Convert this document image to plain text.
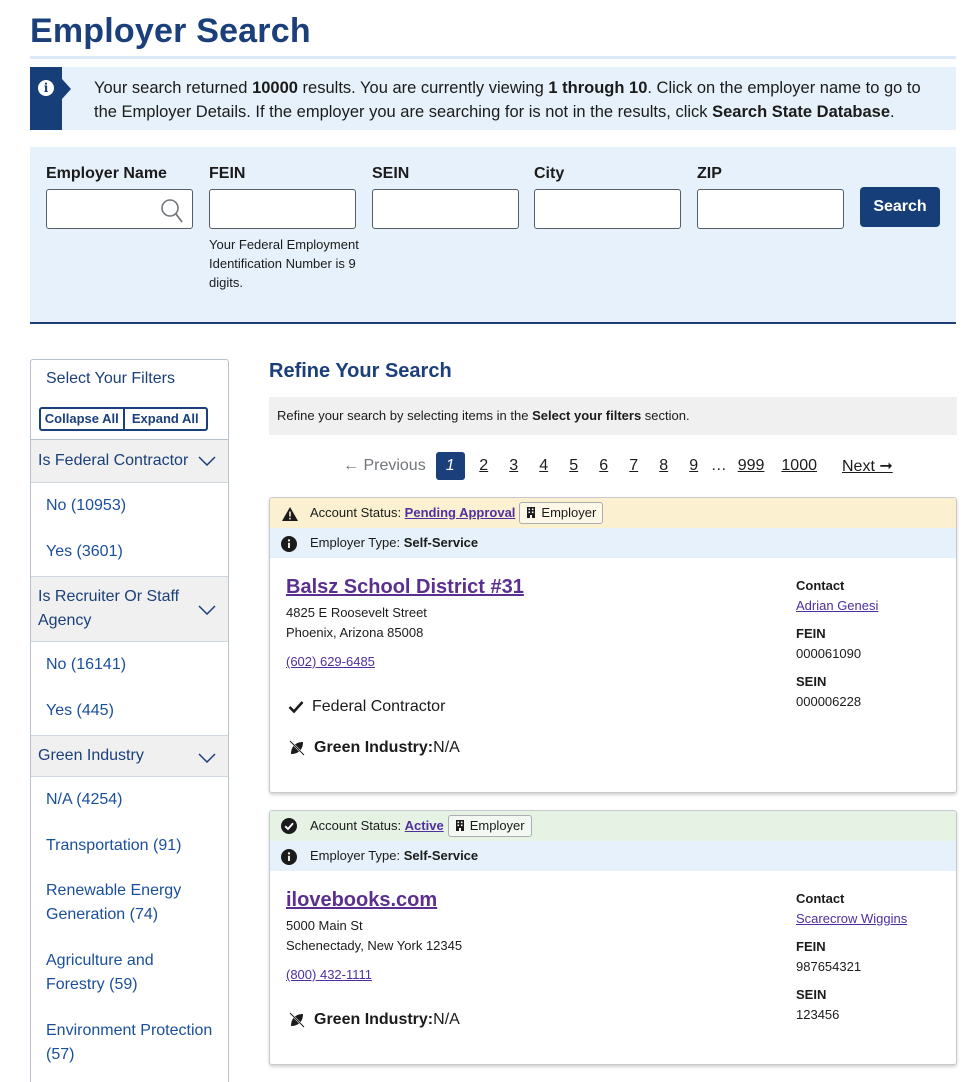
Employer Search
i	Your search returned 10000 results. You are currently viewing 1 through 10. Click on the employer name to go to the Employer Details. If the employer you are searching for is not in the results, click Search State Database.
Employer Name	FEIN
Your Federal Employment Identification Number is 9 digits.
SEIN	City	ZIP
Search
Select Your Filters
Collapse All	Expand All
Is Federal Contractor
No (10953)
Yes (3601)
Is Recruiter Or Staff Agency
No (16141)
Yes (445)
Green Industry
N/A (4254)
Transportation (91)
Renewable Energy Generation (74)
Agriculture and Forestry (59)
Environment Protection (57)
Refine Your Search
Refine your search by selecting items in the Select your filters section.
← Previous	1	2 3 4 5 6 7 8 9 … 999 1000 Next ➞
Account Status: Pending Approval Employer
Employer Type: Self-Service
Balsz School District #31
4825 E Roosevelt Street
Phoenix, Arizona 85008
(602) 629-6485
Federal Contractor
Green Industry: N/A
Contact
Adrian Genesi
FEIN
000061090
SEIN
000006228
Account Status: Active Employer
Employer Type: Self-Service
ilovebooks.com
5000 Main St
Schenectady, New York 12345
(800) 432-1111
Green Industry: N/A
Contact
Scarecrow Wiggins
FEIN
987654321
SEIN
123456
